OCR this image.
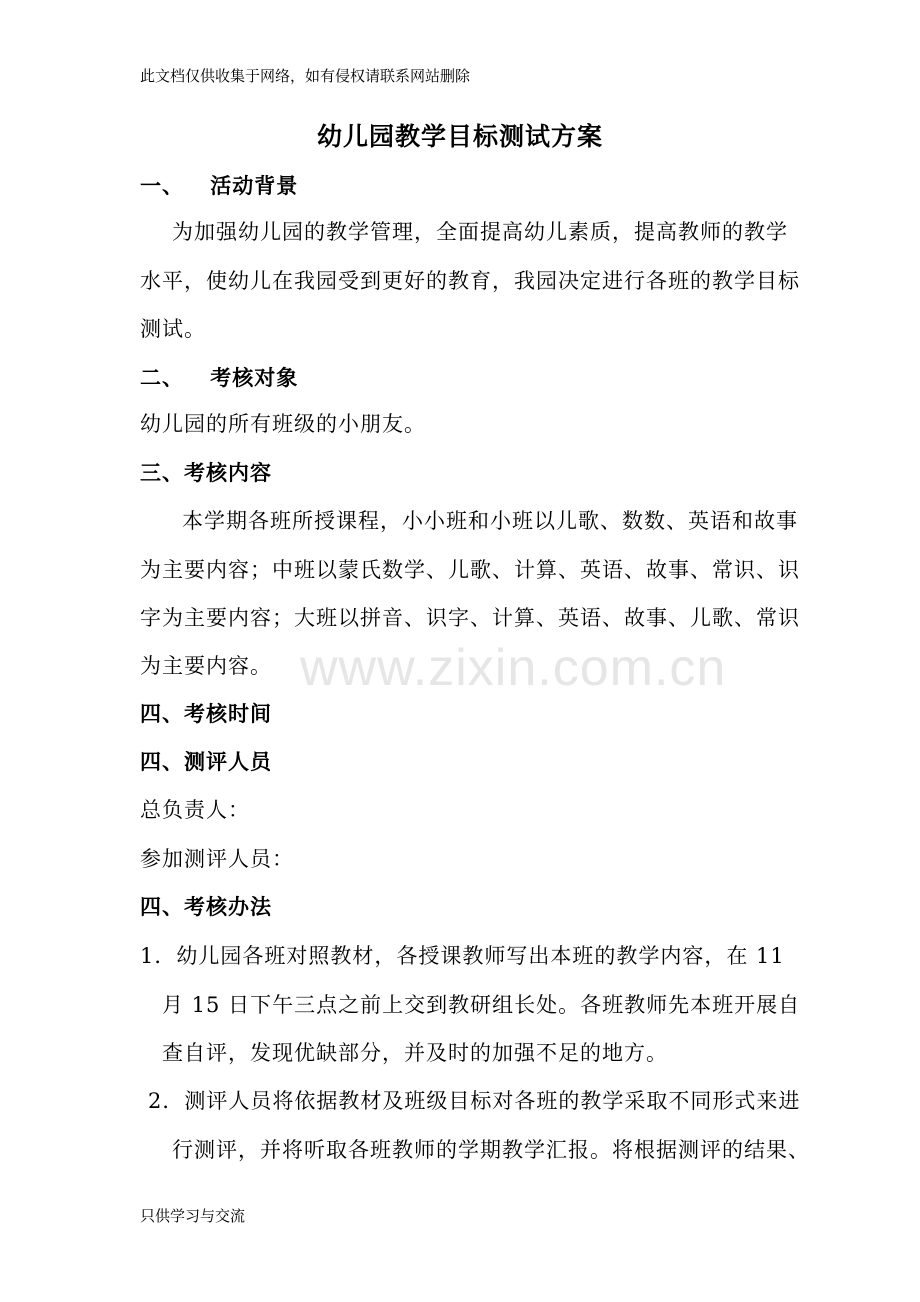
www.zixin.com.cn
此文档仅供收集于网络，如有侵权请联系网站删除
幼儿园教学目标测试方案
一、 活动背景
为加强幼儿园的教学管理，全面提高幼儿素质，提高教师的教学
水平，使幼儿在我园受到更好的教育，我园决定进行各班的教学目标
测试。
二、 考核对象
幼儿园的所有班级的小朋友。
三、考核内容
本学期各班所授课程，小小班和小班以儿歌、数数、英语和故事
为主要内容；中班以蒙氏数学、儿歌、计算、英语、故事、常识、识
字为主要内容；大班以拼音、识字、计算、英语、故事、儿歌、常识
为主要内容。
四、考核时间
四、测评人员
总负责人：
参加测评人员：
四、考核办法
1．幼儿园各班对照教材，各授课教师写出本班的教学内容，在 11
月 15 日下午三点之前上交到教研组长处。各班教师先本班开展自
查自评，发现优缺部分，并及时的加强不足的地方。
2．测评人员将依据教材及班级目标对各班的教学采取不同形式来进
行测评，并将听取各班教师的学期教学汇报。将根据测评的结果、
只供学习与交流
